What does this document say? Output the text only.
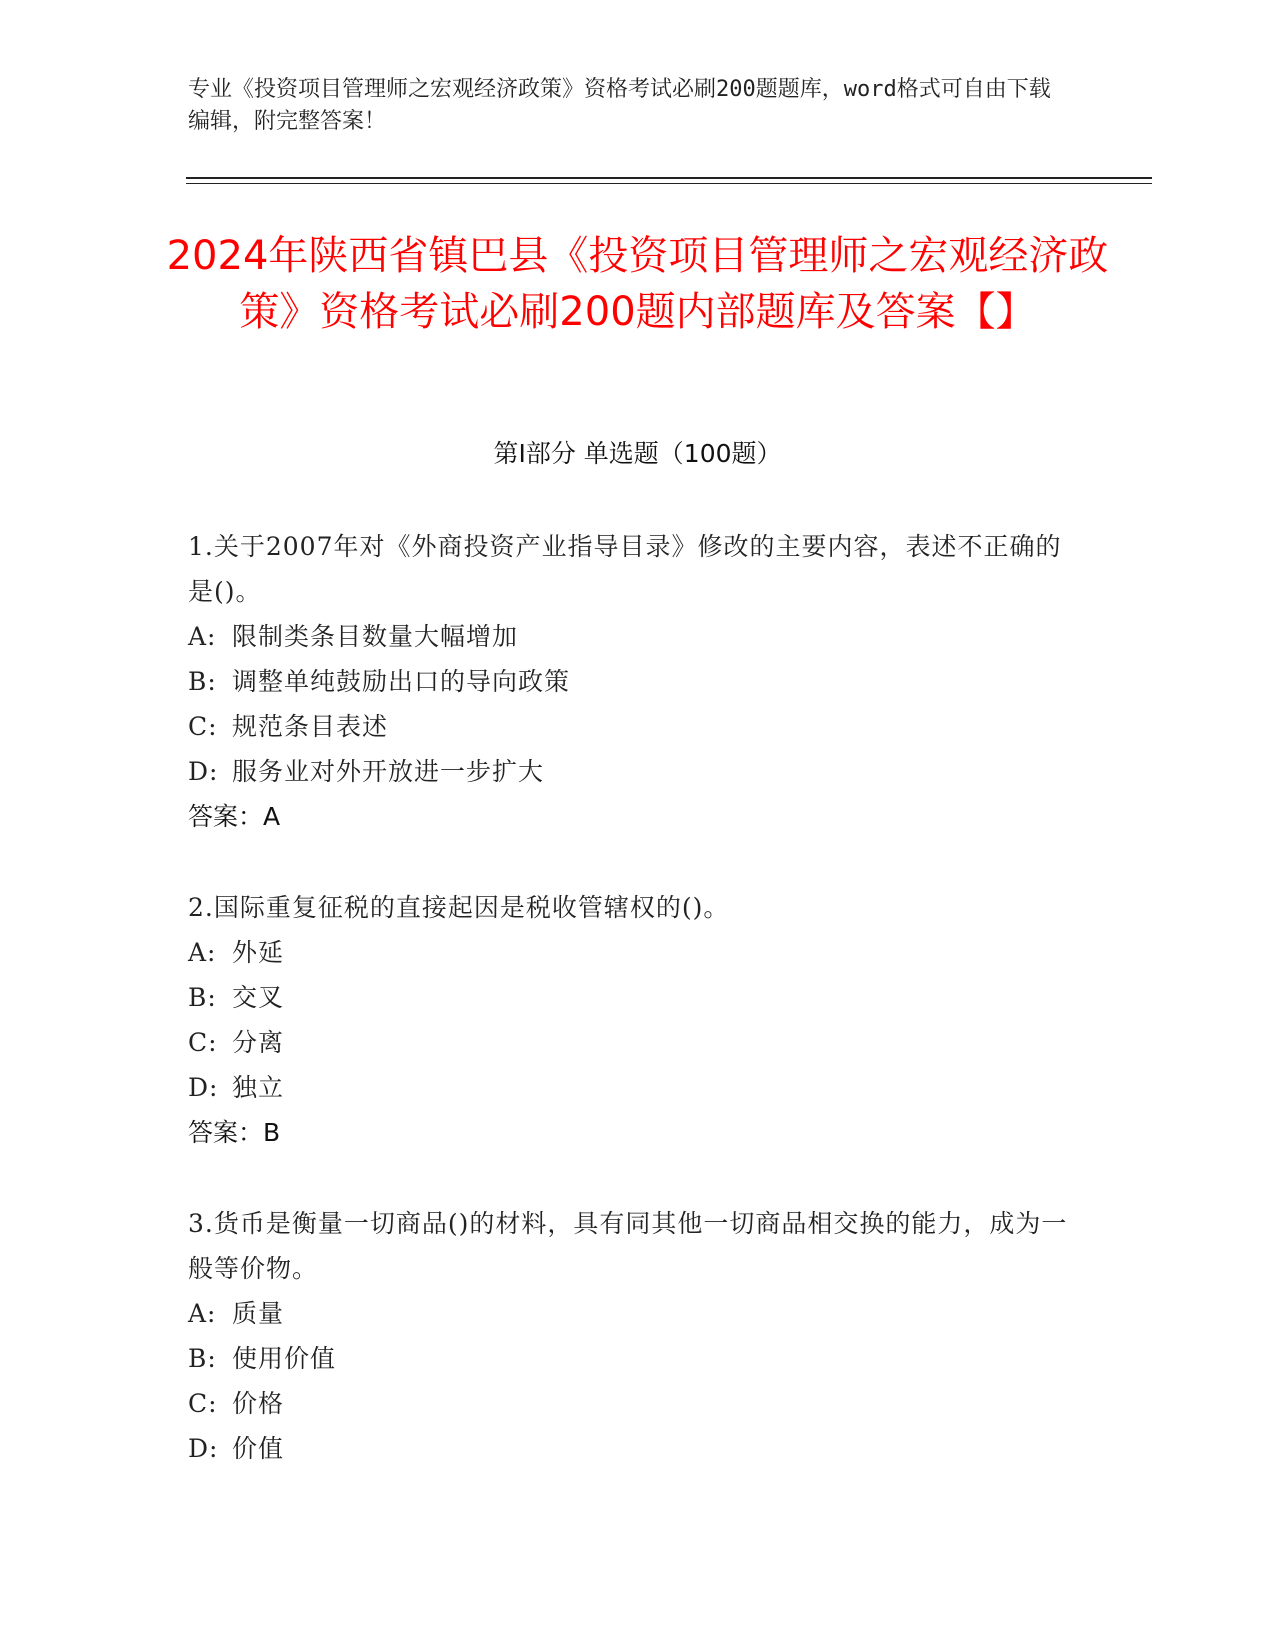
专业《投资项目管理师之宏观经济政策》资格考试必刷200题题库，word格式可自由下载编辑，附完整答案！
2024年陕西省镇巴县《投资项目管理师之宏观经济政策》资格考试必刷200题内部题库及答案【】
第I部分 单选题（100题）
1.关于2007年对《外商投资产业指导目录》修改的主要内容，表述不正确的是()。
A: 限制类条目数量大幅增加
B: 调整单纯鼓励出口的导向政策
C: 规范条目表述
D: 服务业对外开放进一步扩大
答案：A
2.国际重复征税的直接起因是税收管辖权的()。
A: 外延
B: 交叉
C: 分离
D: 独立
答案：B
3.货币是衡量一切商品()的材料，具有同其他一切商品相交换的能力，成为一般等价物。
A: 质量
B: 使用价值
C: 价格
D: 价值
